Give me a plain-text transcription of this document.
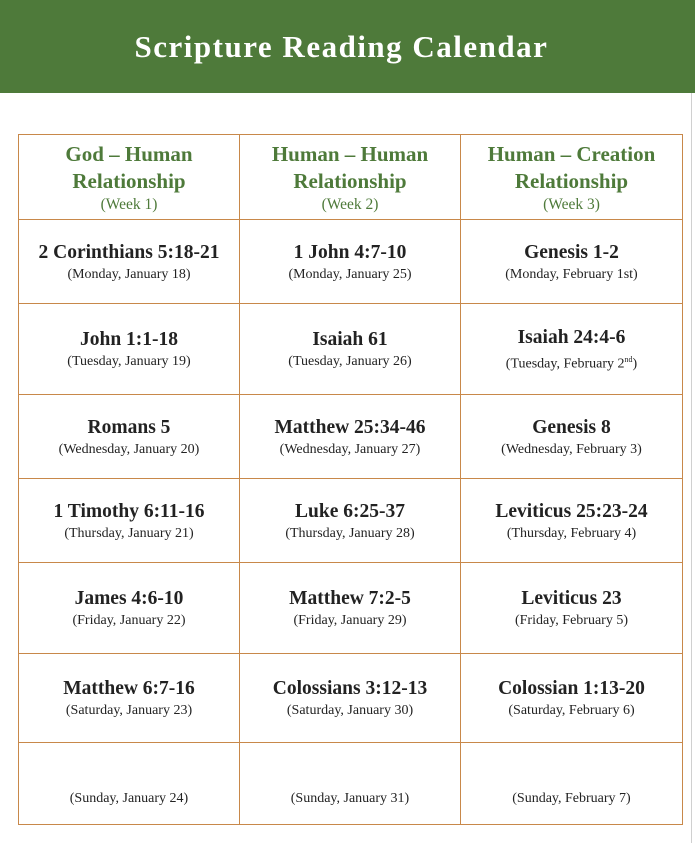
Scripture Reading Calendar
God – Human
Relationship
(Week 1)	Human – Human
Relationship
(Week 2)	Human – Creation
Relationship
(Week 3)

2 Corinthians 5:18-21
(Monday, January 18)	1 John 4:7-10
(Monday, January 25)	Genesis 1-2
(Monday, February 1st)

John 1:1-18
(Tuesday, January 19)	Isaiah 61
(Tuesday, January 26)	Isaiah 24:4-6
(Tuesday, February 2nd)

Romans 5
(Wednesday, January 20)	Matthew 25:34-46
(Wednesday, January 27)	Genesis 8
(Wednesday, February 3)

1 Timothy 6:11-16
(Thursday, January 21)	Luke 6:25-37
(Thursday, January 28)	Leviticus 25:23-24
(Thursday, February 4)

James 4:6-10
(Friday, January 22)	Matthew 7:2-5
(Friday, January 29)	Leviticus 23
(Friday, February 5)

Matthew 6:7-16
(Saturday, January 23)	Colossians 3:12-13
(Saturday, January 30)	Colossian 1:13-20
(Saturday, February 6)

(Sunday, January 24)	(Sunday, January 31)	(Sunday, February 7)
